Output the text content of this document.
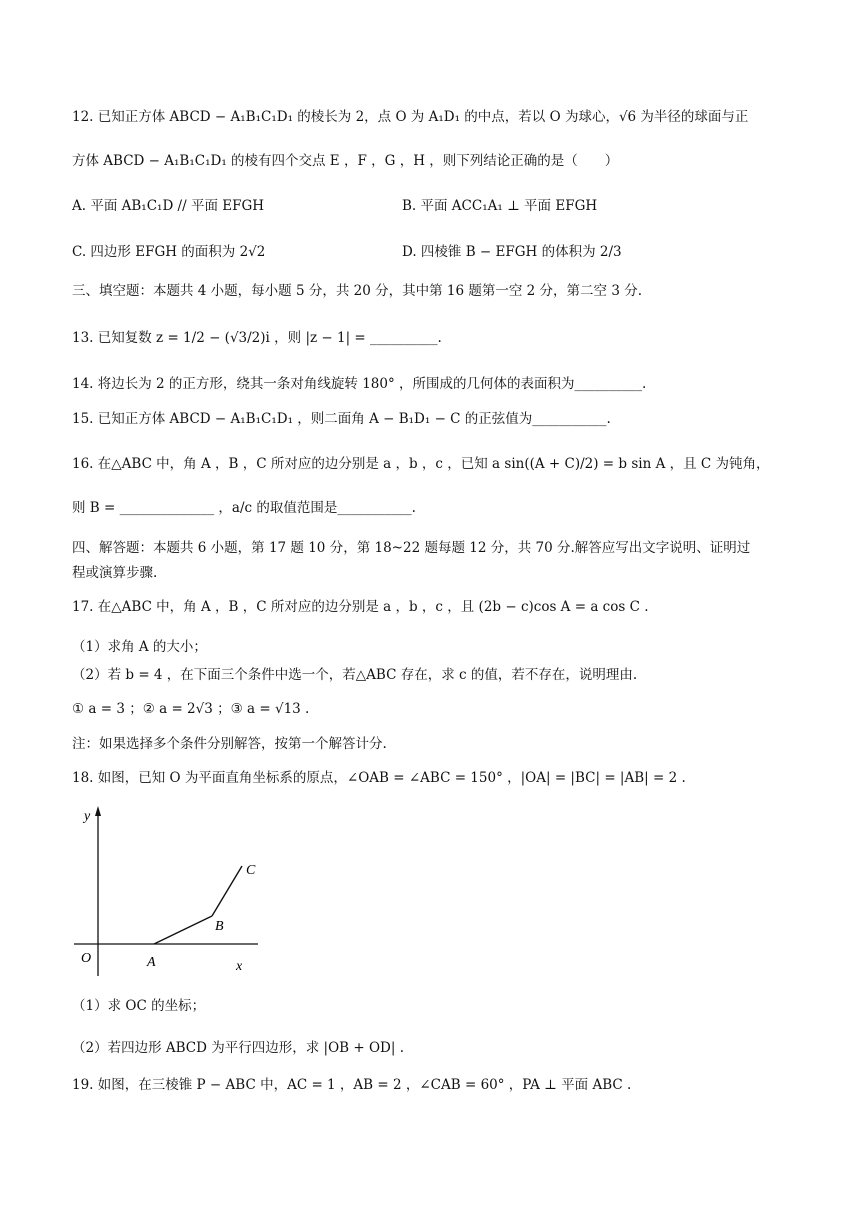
12. 已知正方体 ABCD − A₁B₁C₁D₁ 的棱长为 2，点 O 为 A₁D₁ 的中点，若以 O 为球心，√6 为半径的球面与正
方体 ABCD − A₁B₁C₁D₁ 的棱有四个交点 E ，F ，G ，H ，则下列结论正确的是（　　）
A. 平面 AB₁C₁D // 平面 EFGH	B. 平面 ACC₁A₁ ⊥ 平面 EFGH
C. 四边形 EFGH 的面积为 2√2	D. 四棱锥 B − EFGH 的体积为 2/3
三、填空题：本题共 4 小题，每小题 5 分，共 20 分，其中第 16 题第一空 2 分，第二空 3 分.
13. 已知复数 z = 1/2 − (√3/2)i ，则 |z − 1| = __________.
14. 将边长为 2 的正方形，绕其一条对角线旋转 180° ，所围成的几何体的表面积为__________.
15. 已知正方体 ABCD − A₁B₁C₁D₁ ，则二面角 A − B₁D₁ − C 的正弦值为___________.
16. 在△ABC 中，角 A ，B ，C 所对应的边分别是 a ，b ，c ，已知 a sin((A + C)/2) = b sin A ，且 C 为钝角，
则 B = ______________ ，a/c 的取值范围是___________.
四、解答题：本题共 6 小题，第 17 题 10 分，第 18~22 题每题 12 分，共 70 分.解答应写出文字说明、证明过
程或演算步骤.
17. 在△ABC 中，角 A ，B ，C 所对应的边分别是 a ，b ，c ，且 (2b − c)cos A = a cos C .
（1）求角 A 的大小；
（2）若 b = 4 ，在下面三个条件中选一个，若△ABC 存在，求 c 的值，若不存在，说明理由.
① a = 3 ；② a = 2√3 ；③ a = √13 .
注：如果选择多个条件分别解答，按第一个解答计分.
18. 如图，已知 O 为平面直角坐标系的原点，∠OAB = ∠ABC = 150° ，|OA| = |BC| = |AB| = 2 .
y
x
O	A
B
C
（1）求 OC 的坐标；
（2）若四边形 ABCD 为平行四边形，求 |OB + OD| .
19. 如图，在三棱锥 P − ABC 中，AC = 1 ，AB = 2 ，∠CAB = 60° ，PA ⊥ 平面 ABC .
